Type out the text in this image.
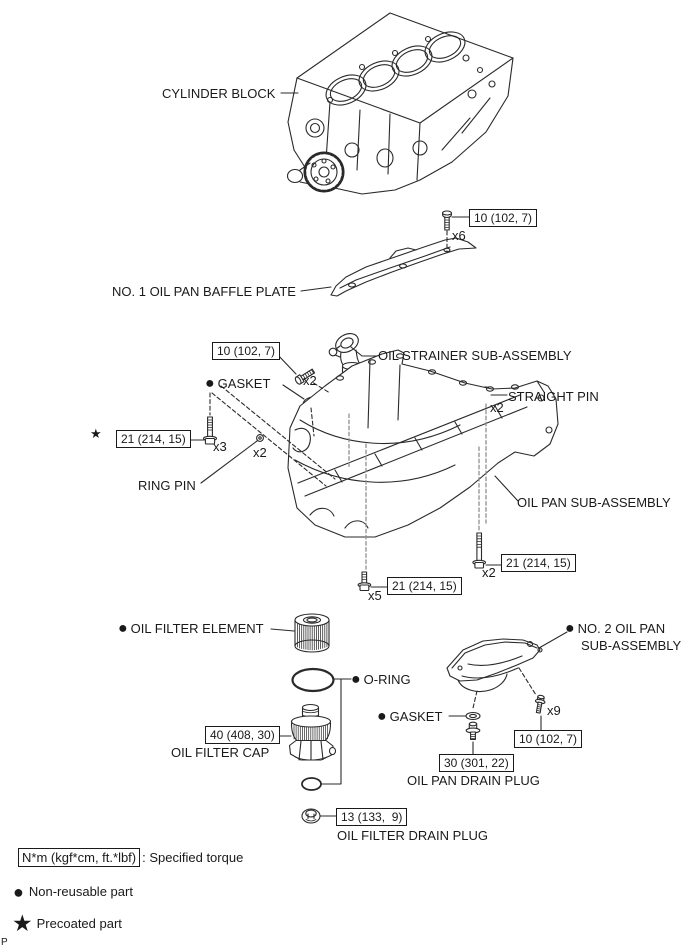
CYLINDER BLOCK
NO. 1 OIL PAN BAFFLE PLATE
OIL STRAINER SUB-ASSEMBLY
● GASKET
STRAIGHT PIN
RING PIN
OIL PAN SUB-ASSEMBLY
● OIL FILTER ELEMENT	● NO. 2 OIL PAN
SUB-ASSEMBLY
● O-RING
● GASKET
OIL FILTER CAP
OIL PAN DRAIN PLUG
OIL FILTER DRAIN PLUG
10 (102, 7)
10 (102, 7)
21 (214, 15)
21 (214, 15)
21 (214, 15)
10 (102, 7)
40 (408, 30)
30 (301, 22)
13 (133,  9)
★
x6
x2
x2
x3 x2
x2
x5
x9
N*m (kgf*cm, ft.*lbf) : Specified torque
● Non-reusable part
★ Precoated part
P
